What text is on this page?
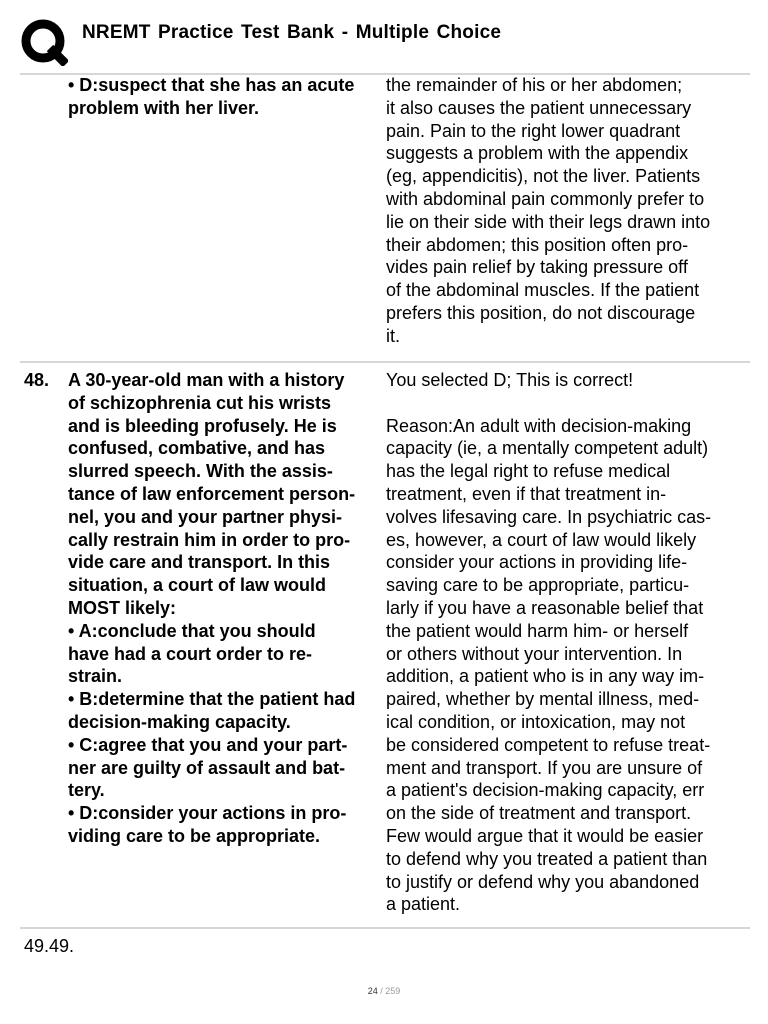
NREMT Practice Test Bank - Multiple Choice
• D:suspect that she has an acute
problem with her liver.
the remainder of his or her abdomen;
it also causes the patient unnecessary
pain. Pain to the right lower quadrant
suggests a problem with the appendix
(eg, appendicitis), not the liver. Patients
with abdominal pain commonly prefer to
lie on their side with their legs drawn into
their abdomen; this position often pro-
vides pain relief by taking pressure off
of the abdominal muscles. If the patient
prefers this position, do not discourage
it.
48. A 30-year-old man with a history
of schizophrenia cut his wrists
and is bleeding profusely. He is
confused, combative, and has
slurred speech. With the assis-
tance of law enforcement person-
nel, you and your partner physi-
cally restrain him in order to pro-
vide care and transport. In this
situation, a court of law would
MOST likely:
• A:conclude that you should
have had a court order to re-
strain.
• B:determine that the patient had
decision-making capacity.
• C:agree that you and your part-
ner are guilty of assault and bat-
tery.
• D:consider your actions in pro-
viding care to be appropriate.
You selected D; This is correct!

Reason:An adult with decision-making
capacity (ie, a mentally competent adult)
has the legal right to refuse medical
treatment, even if that treatment in-
volves lifesaving care. In psychiatric cas-
es, however, a court of law would likely
consider your actions in providing life-
saving care to be appropriate, particu-
larly if you have a reasonable belief that
the patient would harm him- or herself
or others without your intervention. In
addition, a patient who is in any way im-
paired, whether by mental illness, med-
ical condition, or intoxication, may not
be considered competent to refuse treat-
ment and transport. If you are unsure of
a patient's decision-making capacity, err
on the side of treatment and transport.
Few would argue that it would be easier
to defend why you treated a patient than
to justify or defend why you abandoned
a patient.
49.49.
24 / 259
